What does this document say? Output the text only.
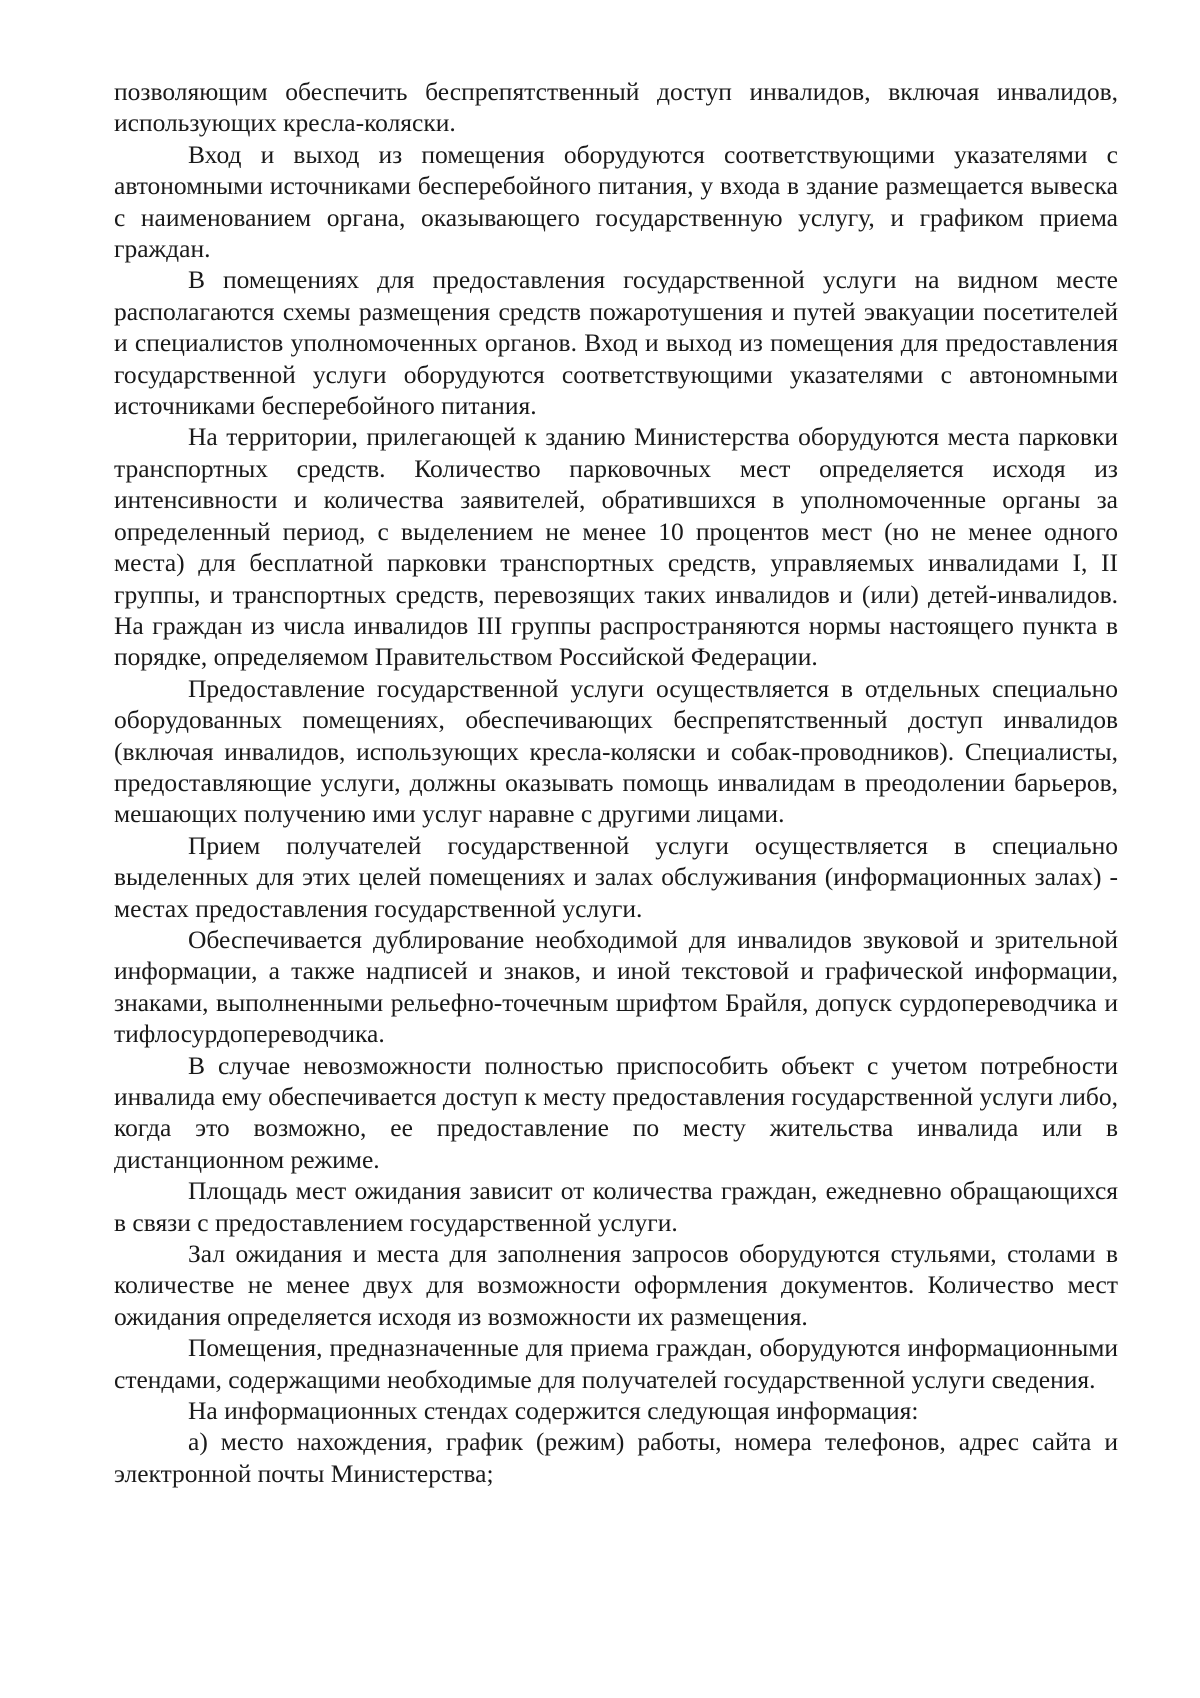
позволяющим обеспечить беспрепятственный доступ инвалидов, включая инвалидов, использующих кресла-коляски.

Вход и выход из помещения оборудуются соответствующими указателями с автономными источниками бесперебойного питания, у входа в здание размещается вывеска с наименованием органа, оказывающего государственную услугу, и графиком приема граждан.

В помещениях для предоставления государственной услуги на видном месте располагаются схемы размещения средств пожаротушения и путей эвакуации посетителей и специалистов уполномоченных органов. Вход и выход из помещения для предоставления государственной услуги оборудуются соответствующими указателями с автономными источниками бесперебойного питания.

На территории, прилегающей к зданию Министерства оборудуются места парковки транспортных средств. Количество парковочных мест определяется исходя из интенсивности и количества заявителей, обратившихся в уполномоченные органы за определенный период, с выделением не менее 10 процентов мест (но не менее одного места) для бесплатной парковки транспортных средств, управляемых инвалидами I, II группы, и транспортных средств, перевозящих таких инвалидов и (или) детей-инвалидов. На граждан из числа инвалидов III группы распространяются нормы настоящего пункта в порядке, определяемом Правительством Российской Федерации.

Предоставление государственной услуги осуществляется в отдельных специально оборудованных помещениях, обеспечивающих беспрепятственный доступ инвалидов (включая инвалидов, использующих кресла-коляски и собак-проводников). Специалисты, предоставляющие услуги, должны оказывать помощь инвалидам в преодолении барьеров, мешающих получению ими услуг наравне с другими лицами.

Прием получателей государственной услуги осуществляется в специально выделенных для этих целей помещениях и залах обслуживания (информационных залах) - местах предоставления государственной услуги.

Обеспечивается дублирование необходимой для инвалидов звуковой и зрительной информации, а также надписей и знаков, и иной текстовой и графической информации, знаками, выполненными рельефно-точечным шрифтом Брайля, допуск сурдопереводчика и тифлосурдопереводчика.

В случае невозможности полностью приспособить объект с учетом потребности инвалида ему обеспечивается доступ к месту предоставления государственной услуги либо, когда это возможно, ее предоставление по месту жительства инвалида или в дистанционном режиме.

Площадь мест ожидания зависит от количества граждан, ежедневно обращающихся в связи с предоставлением государственной услуги.

Зал ожидания и места для заполнения запросов оборудуются стульями, столами в количестве не менее двух для возможности оформления документов. Количество мест ожидания определяется исходя из возможности их размещения.

Помещения, предназначенные для приема граждан, оборудуются информационными стендами, содержащими необходимые для получателей государственной услуги сведения.

На информационных стендах содержится следующая информация:

а) место нахождения, график (режим) работы, номера телефонов, адрес сайта и электронной почты Министерства;
